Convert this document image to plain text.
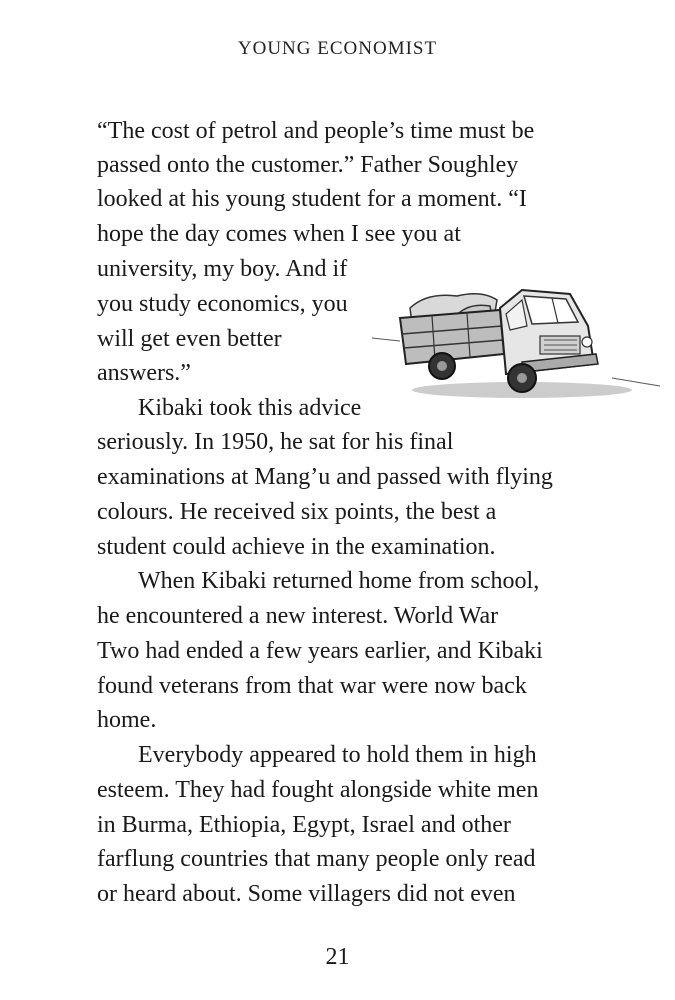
YOUNG ECONOMIST
“The cost of petrol and people’s time must be
passed onto the customer.” Father Soughley
looked at his young student for a moment. “I
hope the day comes when I see you at
university, my boy. And if
you study economics, you
will get even better
answers.”
Kibaki took this advice
seriously. In 1950, he sat for his final
examinations at Mang’u and passed with flying
colours. He received six points, the best a
student could achieve in the examination.
When Kibaki returned home from school,
he encountered a new interest. World War
Two had ended a few years earlier, and Kibaki
found veterans from that war were now back
home.
Everybody appeared to hold them in high
esteem. They had fought alongside white men
in Burma, Ethiopia, Egypt, Israel and other
farflung countries that many people only read
or heard about. Some villagers did not even
21
